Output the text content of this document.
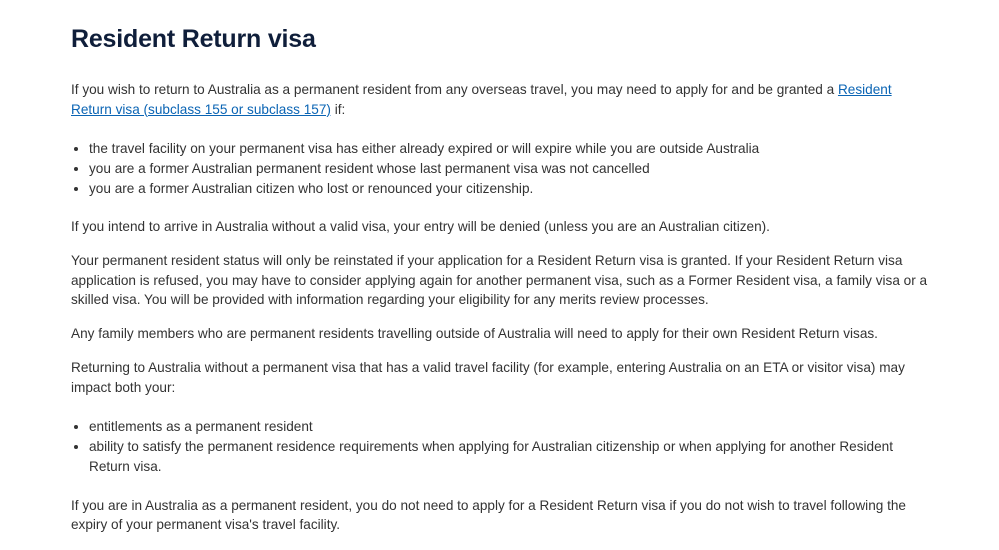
Resident Return visa

If you wish to return to Australia as a permanent resident from any overseas travel, you may need to apply for and be granted a Resident Return visa (subclass 155 or subclass 157) if:

• the travel facility on your permanent visa has either already expired or will expire while you are outside Australia
• you are a former Australian permanent resident whose last permanent visa was not cancelled
• you are a former Australian citizen who lost or renounced your citizenship.

If you intend to arrive in Australia without a valid visa, your entry will be denied (unless you are an Australian citizen).

Your permanent resident status will only be reinstated if your application for a Resident Return visa is granted. If your Resident Return visa application is refused, you may have to consider applying again for another permanent visa, such as a Former Resident visa, a family visa or a skilled visa. You will be provided with information regarding your eligibility for any merits review processes.

Any family members who are permanent residents travelling outside of Australia will need to apply for their own Resident Return visas.

Returning to Australia without a permanent visa that has a valid travel facility (for example, entering Australia on an ETA or visitor visa) may impact both your:

• entitlements as a permanent resident
• ability to satisfy the permanent residence requirements when applying for Australian citizenship or when applying for another Resident Return visa.

If you are in Australia as a permanent resident, you do not need to apply for a Resident Return visa if you do not wish to travel following the expiry of your permanent visa's travel facility.
